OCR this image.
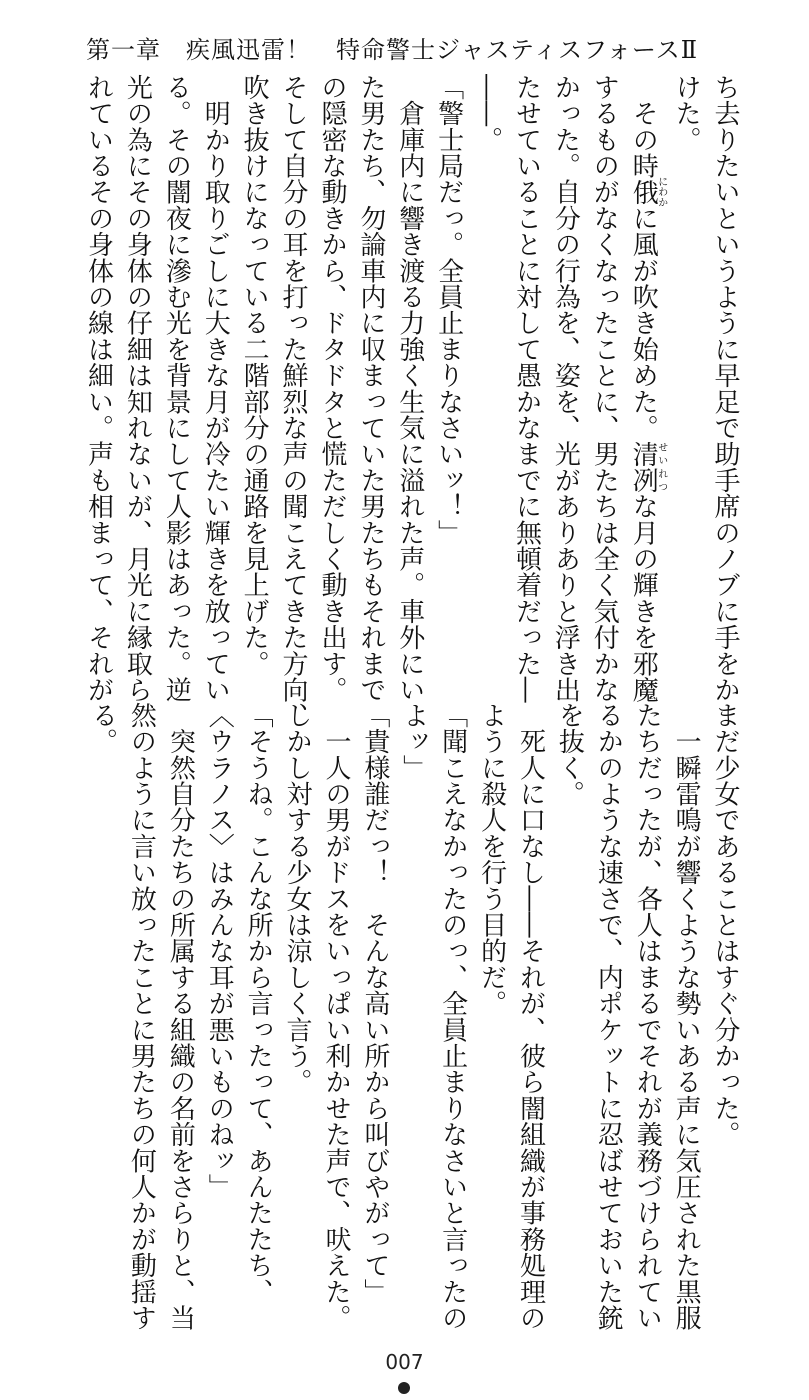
第一章　疾風迅雷！　特命警士ジャスティスフォースⅡ
ち去りたいというように早足で助手席のノブに手をか
けた。
　その時俄にわかに風が吹き始めた。清冽せいれつな月の輝きを邪魔
するものがなくなったことに、男たちは全く気付かな
かった。自分の行為を、姿を、光がありありと浮き出
たせていることに対して愚かなまでに無頓着だった―
――。
「警士局だっ。全員止まりなさいッ！」
　倉庫内に響き渡る力強く生気に溢れた声。車外にい
た男たち、勿論車内に収まっていた男たちもそれまで
の隠密な動きから、ドタドタと慌ただしく動き出す。
そして自分の耳を打った鮮烈な声の聞こえてきた方向、
吹き抜けになっている二階部分の通路を見上げた。
　明かり取りごしに大きな月が冷たい輝きを放ってい
る。その闇夜に滲む光を背景にして人影はあった。逆
光の為にその身体の仔細は知れないが、月光に縁取ら
れているその身体の線は細い。声も相まって、それが
まだ少女であることはすぐ分かった。
　一瞬雷鳴が響くような勢いある声に気圧された黒服
たちだったが、各人はまるでそれが義務づけられてい
るかのような速さで、内ポケットに忍ばせておいた銃
を抜く。
　死人に口なし――それが、彼ら闇組織が事務処理の
ように殺人を行う目的だ。
「聞こえなかったのっ、全員止まりなさいと言ったの
よッ」
「貴様誰だっ！　そんな高い所から叫びやがって」
　一人の男がドスをいっぱい利かせた声で、吠えた。
しかし対する少女は涼しく言う。
「そうね。こんな所から言ったって、あんたたち、
〈ウラノス〉はみんな耳が悪いものねッ」
　突然自分たちの所属する組織の名前をさらりと、当
然のように言い放ったことに男たちの何人かが動揺す
る。
007
